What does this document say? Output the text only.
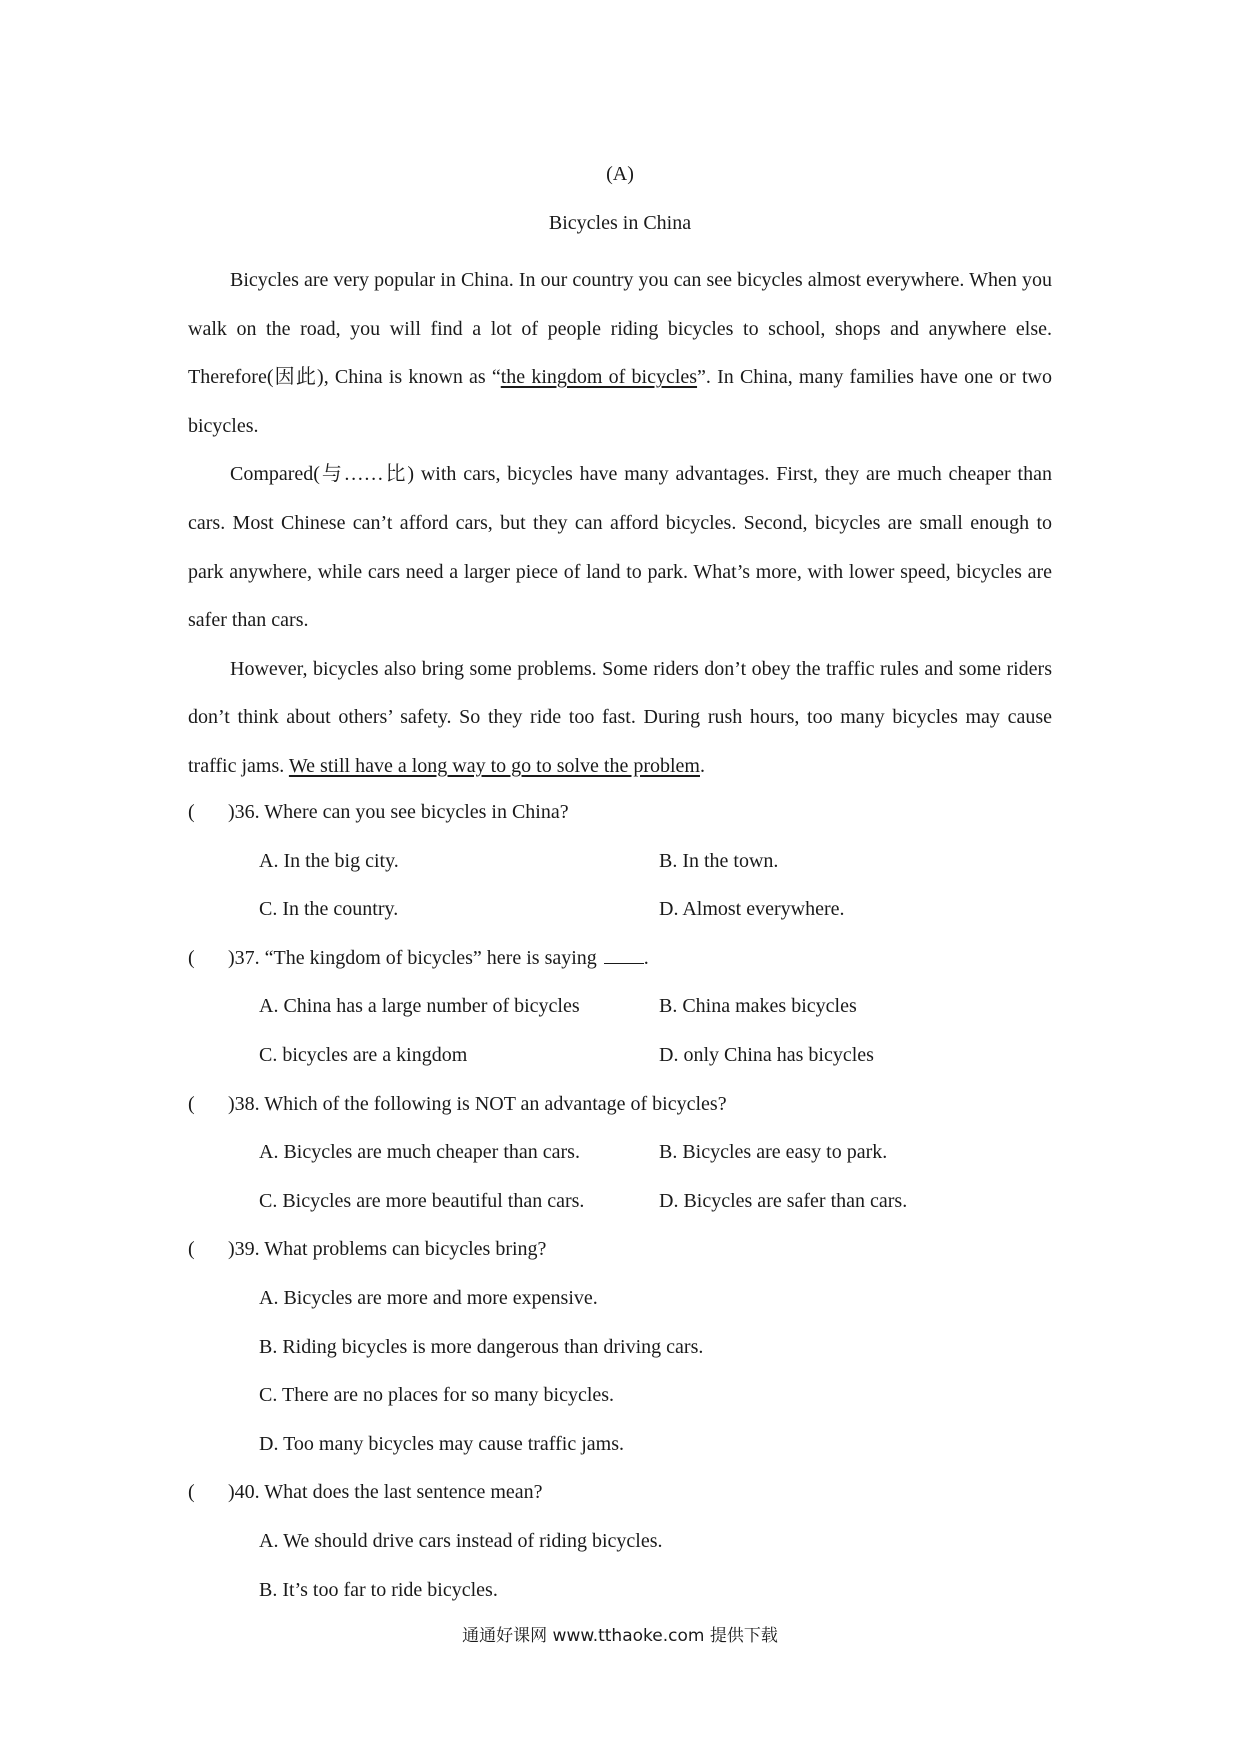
(A)
Bicycles in China

Bicycles are very popular in China. In our country you can see bicycles almost everywhere. When you walk on the road, you will find a lot of people riding bicycles to school, shops and anywhere else. Therefore(因此), China is known as “the kingdom of bicycles”. In China, many families have one or two bicycles.

Compared(与……比) with cars, bicycles have many advantages. First, they are much cheaper than cars. Most Chinese can’t afford cars, but they can afford bicycles. Second, bicycles are small enough to park anywhere, while cars need a larger piece of land to park. What’s more, with lower speed, bicycles are safer than cars.

However, bicycles also bring some problems. Some riders don’t obey the traffic rules and some riders don’t think about others’ safety. So they ride too fast. During rush hours, too many bicycles may cause traffic jams. We still have a long way to go to solve the problem.

( )36. Where can you see bicycles in China?
A. In the big city.	B. In the town.
C. In the country.	D. Almost everywhere.
( )37. “The kingdom of bicycles” here is saying .
A. China has a large number of bicycles	B. China makes bicycles
C. bicycles are a kingdom	D. only China has bicycles
( )38. Which of the following is NOT an advantage of bicycles?
A. Bicycles are much cheaper than cars.	B. Bicycles are easy to park.
C. Bicycles are more beautiful than cars.	D. Bicycles are safer than cars.
( )39. What problems can bicycles bring?
A. Bicycles are more and more expensive.
B. Riding bicycles is more dangerous than driving cars.
C. There are no places for so many bicycles.
D. Too many bicycles may cause traffic jams.
( )40. What does the last sentence mean?
A. We should drive cars instead of riding bicycles.
B. It’s too far to ride bicycles.
通通好课网 www.tthaoke.com 提供下载
